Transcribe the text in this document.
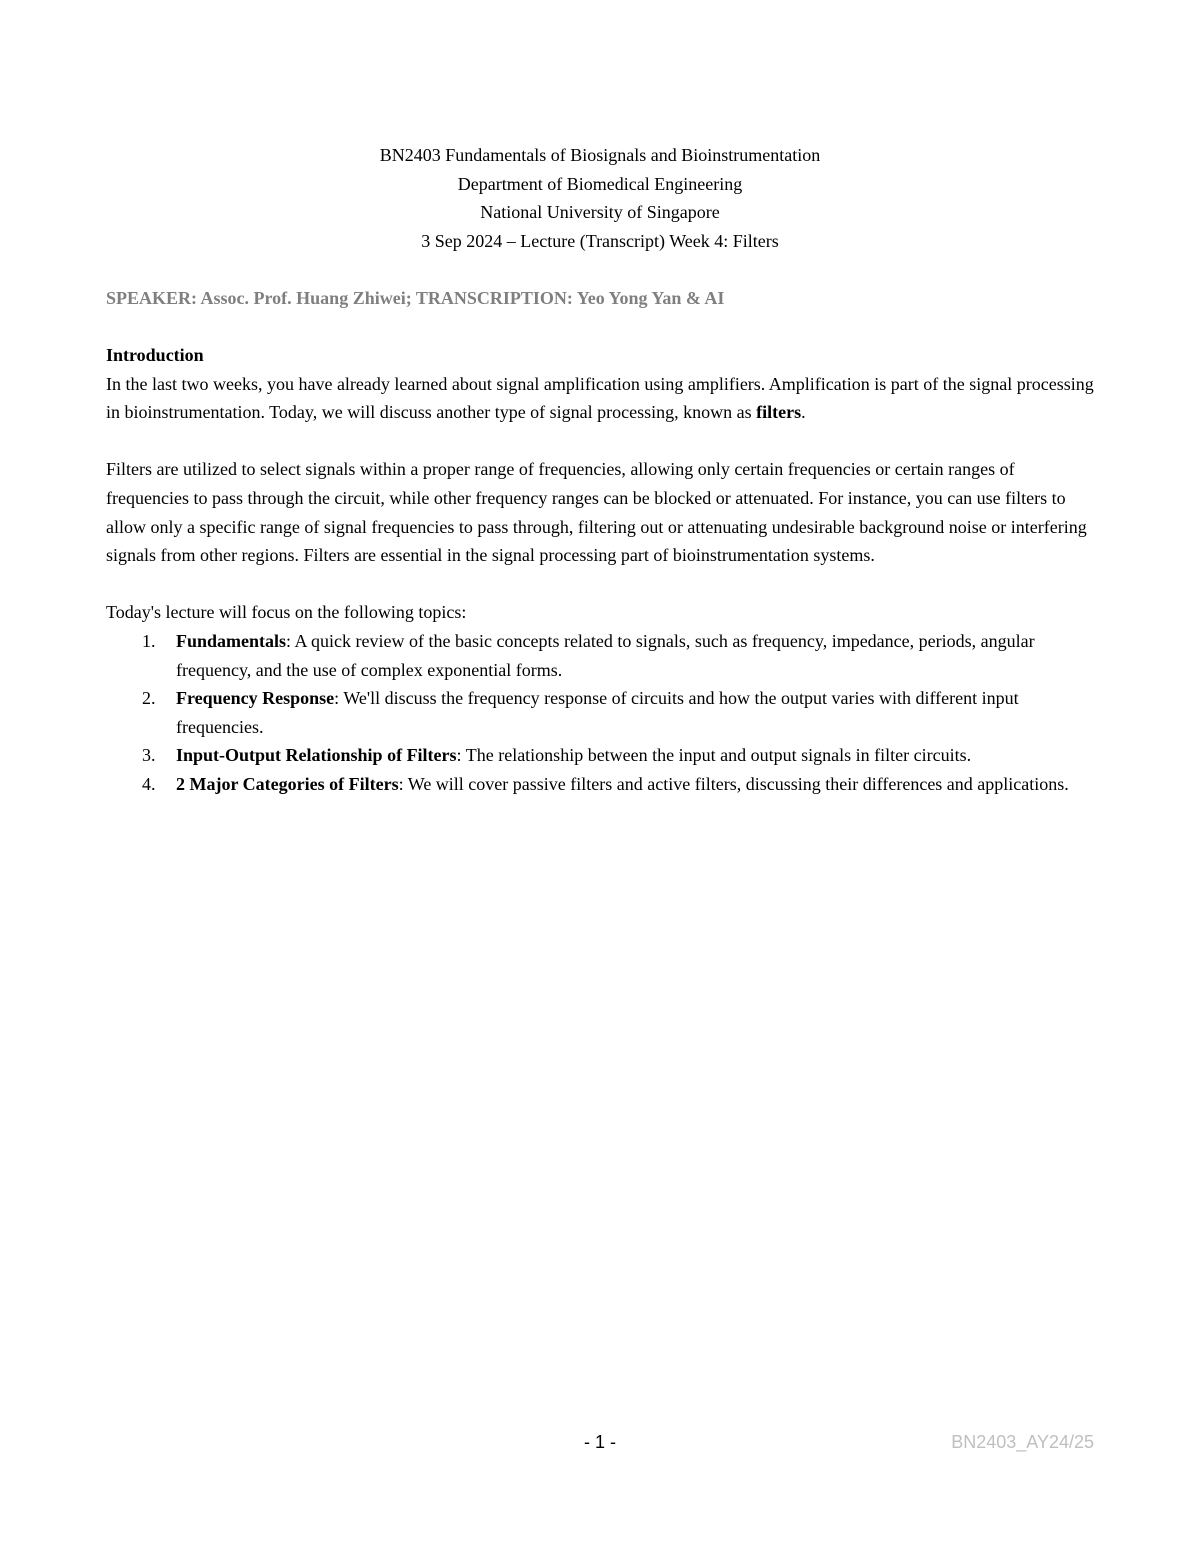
BN2403 Fundamentals of Biosignals and Bioinstrumentation
Department of Biomedical Engineering
National University of Singapore
3 Sep 2024 – Lecture (Transcript) Week 4: Filters
SPEAKER: Assoc. Prof. Huang Zhiwei; TRANSCRIPTION: Yeo Yong Yan & AI

Introduction

In the last two weeks, you have already learned about signal amplification using amplifiers. Amplification is part of the signal processing in bioinstrumentation. Today, we will discuss another type of signal processing, known as filters.

Filters are utilized to select signals within a proper range of frequencies, allowing only certain frequencies or certain ranges of frequencies to pass through the circuit, while other frequency ranges can be blocked or attenuated. For instance, you can use filters to allow only a specific range of signal frequencies to pass through, filtering out or attenuating undesirable background noise or interfering signals from other regions. Filters are essential in the signal processing part of bioinstrumentation systems.

Today's lecture will focus on the following topics:

1. Fundamentals: A quick review of the basic concepts related to signals, such as frequency, impedance, periods, angular frequency, and the use of complex exponential forms.
2. Frequency Response: We'll discuss the frequency response of circuits and how the output varies with different input frequencies.
3. Input-Output Relationship of Filters: The relationship between the input and output signals in filter circuits.
4. 2 Major Categories of Filters: We will cover passive filters and active filters, discussing their differences and applications.
- 1 -	BN2403_AY24/25
